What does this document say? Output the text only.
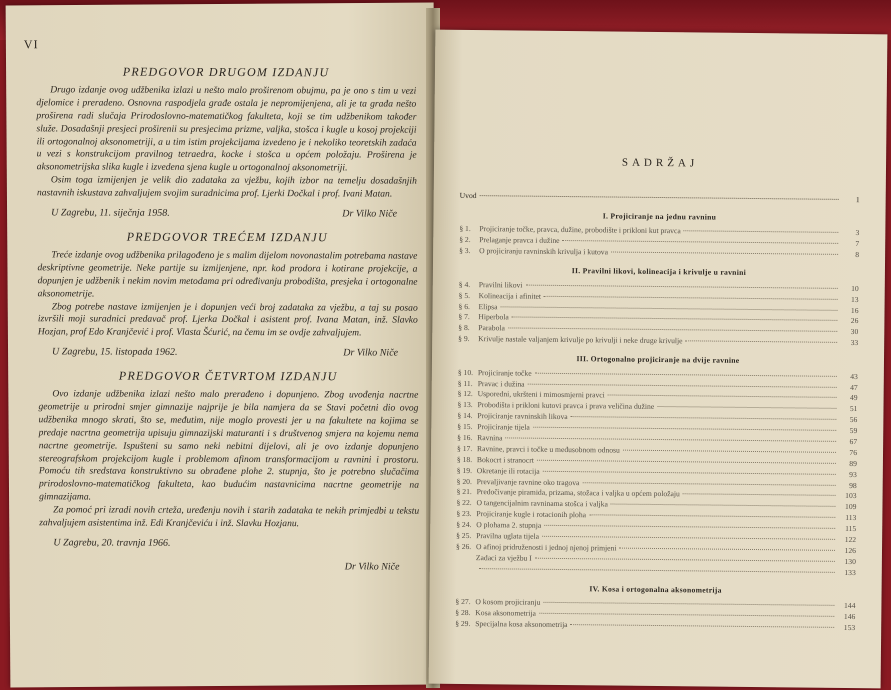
VI
PREDGOVOR DRUGOM IZDANJU

Drugo izdanje ovog udžbenika izlazi u nešto malo proširenom obujmu, pa je ono s tim u vezi djelomice i preradeno. Osnovna raspodjela građe ostala je nepromijenjena, ali je ta građa nešto proširena radi slučaja Prirodoslovno-matematičkog fakulteta, koji se tim udžbenikom također služe. Dosadašnji presjeci proširenii su presjecima prizme, valjka, stošca i kugle u kosoj projekciji ili ortogonalnoj aksonometriji, a u tim istim projekcijama izvedeno je i nekoliko teoretskih zadaća u vezi s konstrukcijom pravilnog tetraedra, kocke i stošca u općem položaju. Proširena je aksonometrijska slika kugle i izvedena sjena kugle u ortogonalnoj aksonometriji.

Osim toga izmijenjen je velik dio zadataka za vježbu, kojih izbor na temelju dosadašnjih nastavnih iskustava zahvaljujem svojim suradnicima prof. Ljerki Dočkal i prof. Ivani Matan.

U Zagrebu, 11. siječnja 1958.	Dr Vilko Niče
PREDGOVOR TREĆEM IZDANJU

Treće izdanje ovog udžbenika prilagođeno je s malim dijelom novonastalim potrebama nastave deskriptivne geometrije. Neke partije su izmijenjene, npr. kod prodora i kotirane projekcije, a dopunjen je udžbenik i nekim novim metodama pri određivanju probodišta, presjeka i ortogonalne aksonometrije.

Zbog potrebe nastave izmijenjen je i dopunjen veći broj zadataka za vježbu, a taj su posao izvršili moji suradnici predavač prof. Ljerka Dočkal i asistent prof. Ivana Matan, inž. Slavko Hozjan, prof Edo Kranjčević i prof. Vlasta Šćurić, na čemu im se ovdje zahvaljujem.

U Zagrebu, 15. listopada 1962.	Dr Vilko Niče
PREDGOVOR ČETVRTOM IZDANJU

Ovo izdanje udžbenika izlazi nešto malo prerađeno i dopunjeno. Zbog uvođenja nacrtne geometrije u prirodni smjer gimnazije najprije je bila namjera da se Stavi početni dio ovog udžbenika mnogo skrati, što se, međutim, nije moglo provesti jer u na fakultete na kojima se predaje nacrtna geometrija upisuju gimnazijski maturanti i s društvenog smjera na kojemu nema nacrtne geometrije. Ispušteni su samo neki nebitni dijelovi, ali je ovo izdanje dopunjeno stereografskom projekcijom kugle i problemom afinom transformacijom u ravnini i prostoru. Pomoću tih sredstava konstruktivno su obrađene plohe 2. stupnja, što je potrebno slučačima prirodoslovno-matematičkog fakulteta, kao budućim nastavnicima nacrtne geometrije na gimnazijama.

Za pomoć pri izradi novih crteža, uređenju novih i starih zadataka te nekih primjedbi u tekstu zahvaljujem asistentima inž. Edi Kranjčeviću i inž. Slavku Hozjanu.

U Zagrebu, 20. travnja 1966.
Dr Vilko Niče
SADRŽAJ
Uvod	1
I. Projiciranje na jednu ravninu
§ 1.	Projiciranje točke, pravca, dužine, probodište i prikloni kut pravca	3
§ 2.	Prelaganje pravca i dužine	7
§ 3.	O projiciranju ravninskih krivulja i kutova	8
II. Pravilni likovi, kolineacija i krivulje u ravnini
§ 4.	Pravilni likovi	10
§ 5.	Kolineacija i afinitet	13
§ 6.	Elipsa	16
§ 7.	Hiperbola	26
§ 8.	Parabola	30
§ 9.	Krivulje nastale valjanjem krivulje po krivulji i neke druge krivulje	33
III. Ortogonalno projiciranje na dvije ravnine
§ 10. Projiciranje točke	43
§ 11. Pravac i dužina	47
§ 12. Usporedni, ukršteni i mimosmjerni pravci	49
§ 13. Probodišta i prikloni kutovi pravca i prava veličina dužine	51
§ 14. Projiciranje ravninskih likova	56
§ 15. Projiciranje tijela	59
§ 16. Ravnina	67
§ 17. Ravnine, pravci i točke u međusobnom odnosu	76
§ 18. Bokocrt i stranocrt	89
§ 19. Okretanje ili rotacija	93
§ 20. Prevaljivanje ravnine oko tragova	98
§ 21. Predočivanje piramida, prizama, stožaca i valjka u općem položaju	103
§ 22. O tangencijalnim ravninama stošca i valjka	109
§ 23. Projiciranje kugle i rotacionih ploha	113
§ 24. O plohama 2. stupnja	115
§ 25. Pravilna uglata tijela	122
§ 26. O afinoj pridruženosti i jednoj njenoj primjeni	126
Zadaci za vježbu I	130
133
IV. Kosa i ortogonalna aksonometrija
§ 27. O kosom projiciranju	144
§ 28. Kosa aksonometrija	146
§ 29. Specijalna kosa aksonometrija	153
